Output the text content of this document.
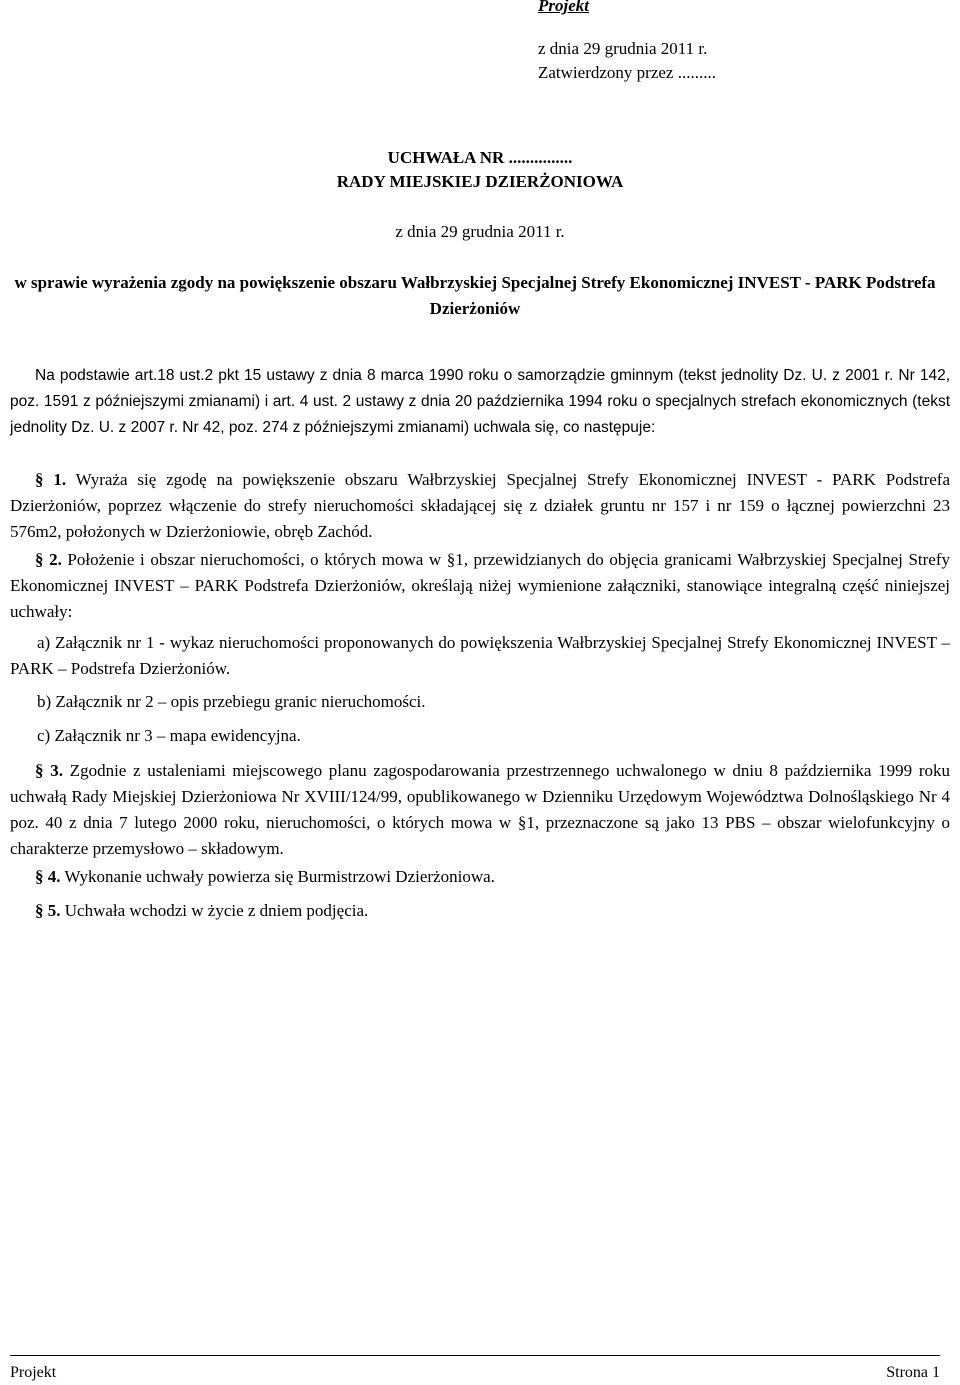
Projekt
z dnia 29 grudnia 2011 r.
Zatwierdzony przez .........
UCHWAŁA NR ...............
RADY MIEJSKIEJ DZIERŻONIOWA
z dnia 29 grudnia 2011 r.
w sprawie wyrażenia zgody na powiększenie obszaru Wałbrzyskiej Specjalnej Strefy Ekonomicznej INVEST - PARK Podstrefa Dzierżoniów
Na podstawie art.18 ust.2 pkt 15 ustawy z dnia 8 marca 1990 roku o samorządzie gminnym (tekst jednolity Dz. U. z 2001 r. Nr 142, poz. 1591 z późniejszymi zmianami) i art. 4 ust. 2 ustawy z dnia 20 października 1994 roku o specjalnych strefach ekonomicznych (tekst jednolity Dz. U. z 2007 r. Nr 42, poz. 274 z późniejszymi zmianami) uchwala się, co następuje:
§ 1. Wyraża się zgodę na powiększenie obszaru Wałbrzyskiej Specjalnej Strefy Ekonomicznej INVEST - PARK Podstrefa Dzierżoniów, poprzez włączenie do strefy nieruchomości składającej się z działek gruntu nr 157 i nr 159 o łącznej powierzchni 23 576m2, położonych w Dzierżoniowie, obręb Zachód.
§ 2. Położenie i obszar nieruchomości, o których mowa w §1, przewidzianych do objęcia granicami Wałbrzyskiej Specjalnej Strefy Ekonomicznej INVEST – PARK Podstrefa Dzierżoniów, określają niżej wymienione załączniki, stanowiące integralną część niniejszej uchwały:
a) Załącznik nr 1 - wykaz nieruchomości proponowanych do powiększenia Wałbrzyskiej Specjalnej Strefy Ekonomicznej INVEST – PARK – Podstrefa Dzierżoniów.
b) Załącznik nr 2 – opis przebiegu granic nieruchomości.
c) Załącznik nr 3 – mapa ewidencyjna.
§ 3. Zgodnie z ustaleniami miejscowego planu zagospodarowania przestrzennego uchwalonego w dniu 8 października 1999 roku uchwałą Rady Miejskiej Dzierżoniowa Nr XVIII/124/99, opublikowanego w Dzienniku Urzędowym Województwa Dolnośląskiego Nr 4 poz. 40 z dnia 7 lutego 2000 roku, nieruchomości, o których mowa w §1, przeznaczone są jako 13 PBS – obszar wielofunkcyjny o charakterze przemysłowo – składowym.
§ 4. Wykonanie uchwały powierza się Burmistrzowi Dzierżoniowa.
§ 5. Uchwała wchodzi w życie z dniem podjęcia.
Projekt	Strona 1
